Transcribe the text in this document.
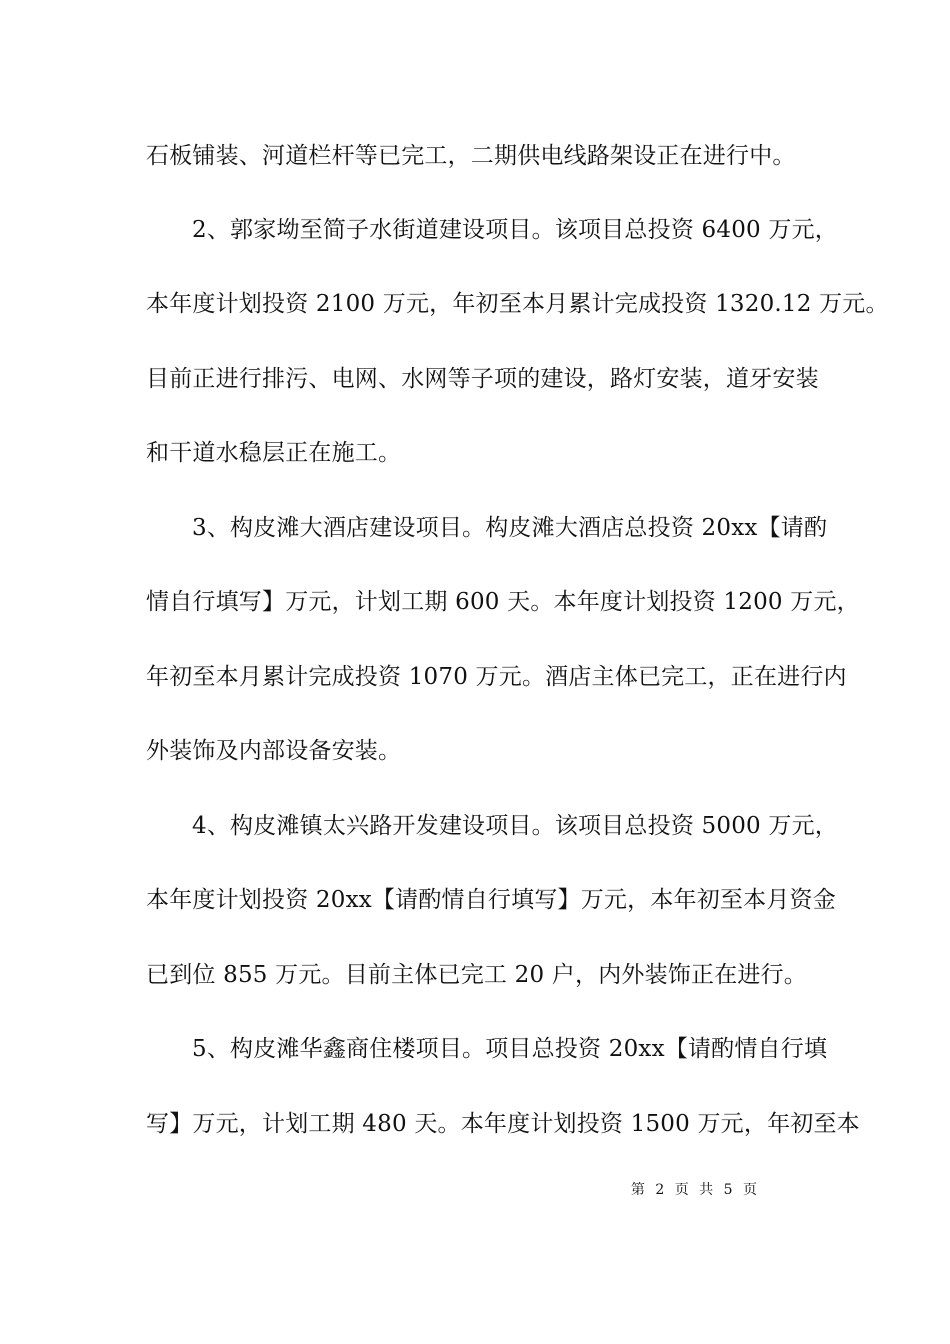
石板铺装、河道栏杆等已完工，二期供电线路架设正在进行中。
2、郭家坳至简子水街道建设项目。该项目总投资 6400 万元，
本年度计划投资 2100 万元，年初至本月累计完成投资 1320.12 万元。
目前正进行排污、电网、水网等子项的建设，路灯安装，道牙安装
和干道水稳层正在施工。
3、构皮滩大酒店建设项目。构皮滩大酒店总投资 20xx【请酌
情自行填写】万元，计划工期 600 天。本年度计划投资 1200 万元，
年初至本月累计完成投资 1070 万元。酒店主体已完工，正在进行内
外装饰及内部设备安装。
4、构皮滩镇太兴路开发建设项目。该项目总投资 5000 万元，
本年度计划投资 20xx【请酌情自行填写】万元，本年初至本月资金
已到位 855 万元。目前主体已完工 20 户，内外装饰正在进行。
5、构皮滩华鑫商住楼项目。项目总投资 20xx【请酌情自行填
写】万元，计划工期 480 天。本年度计划投资 1500 万元，年初至本
第 2 页 共 5 页
